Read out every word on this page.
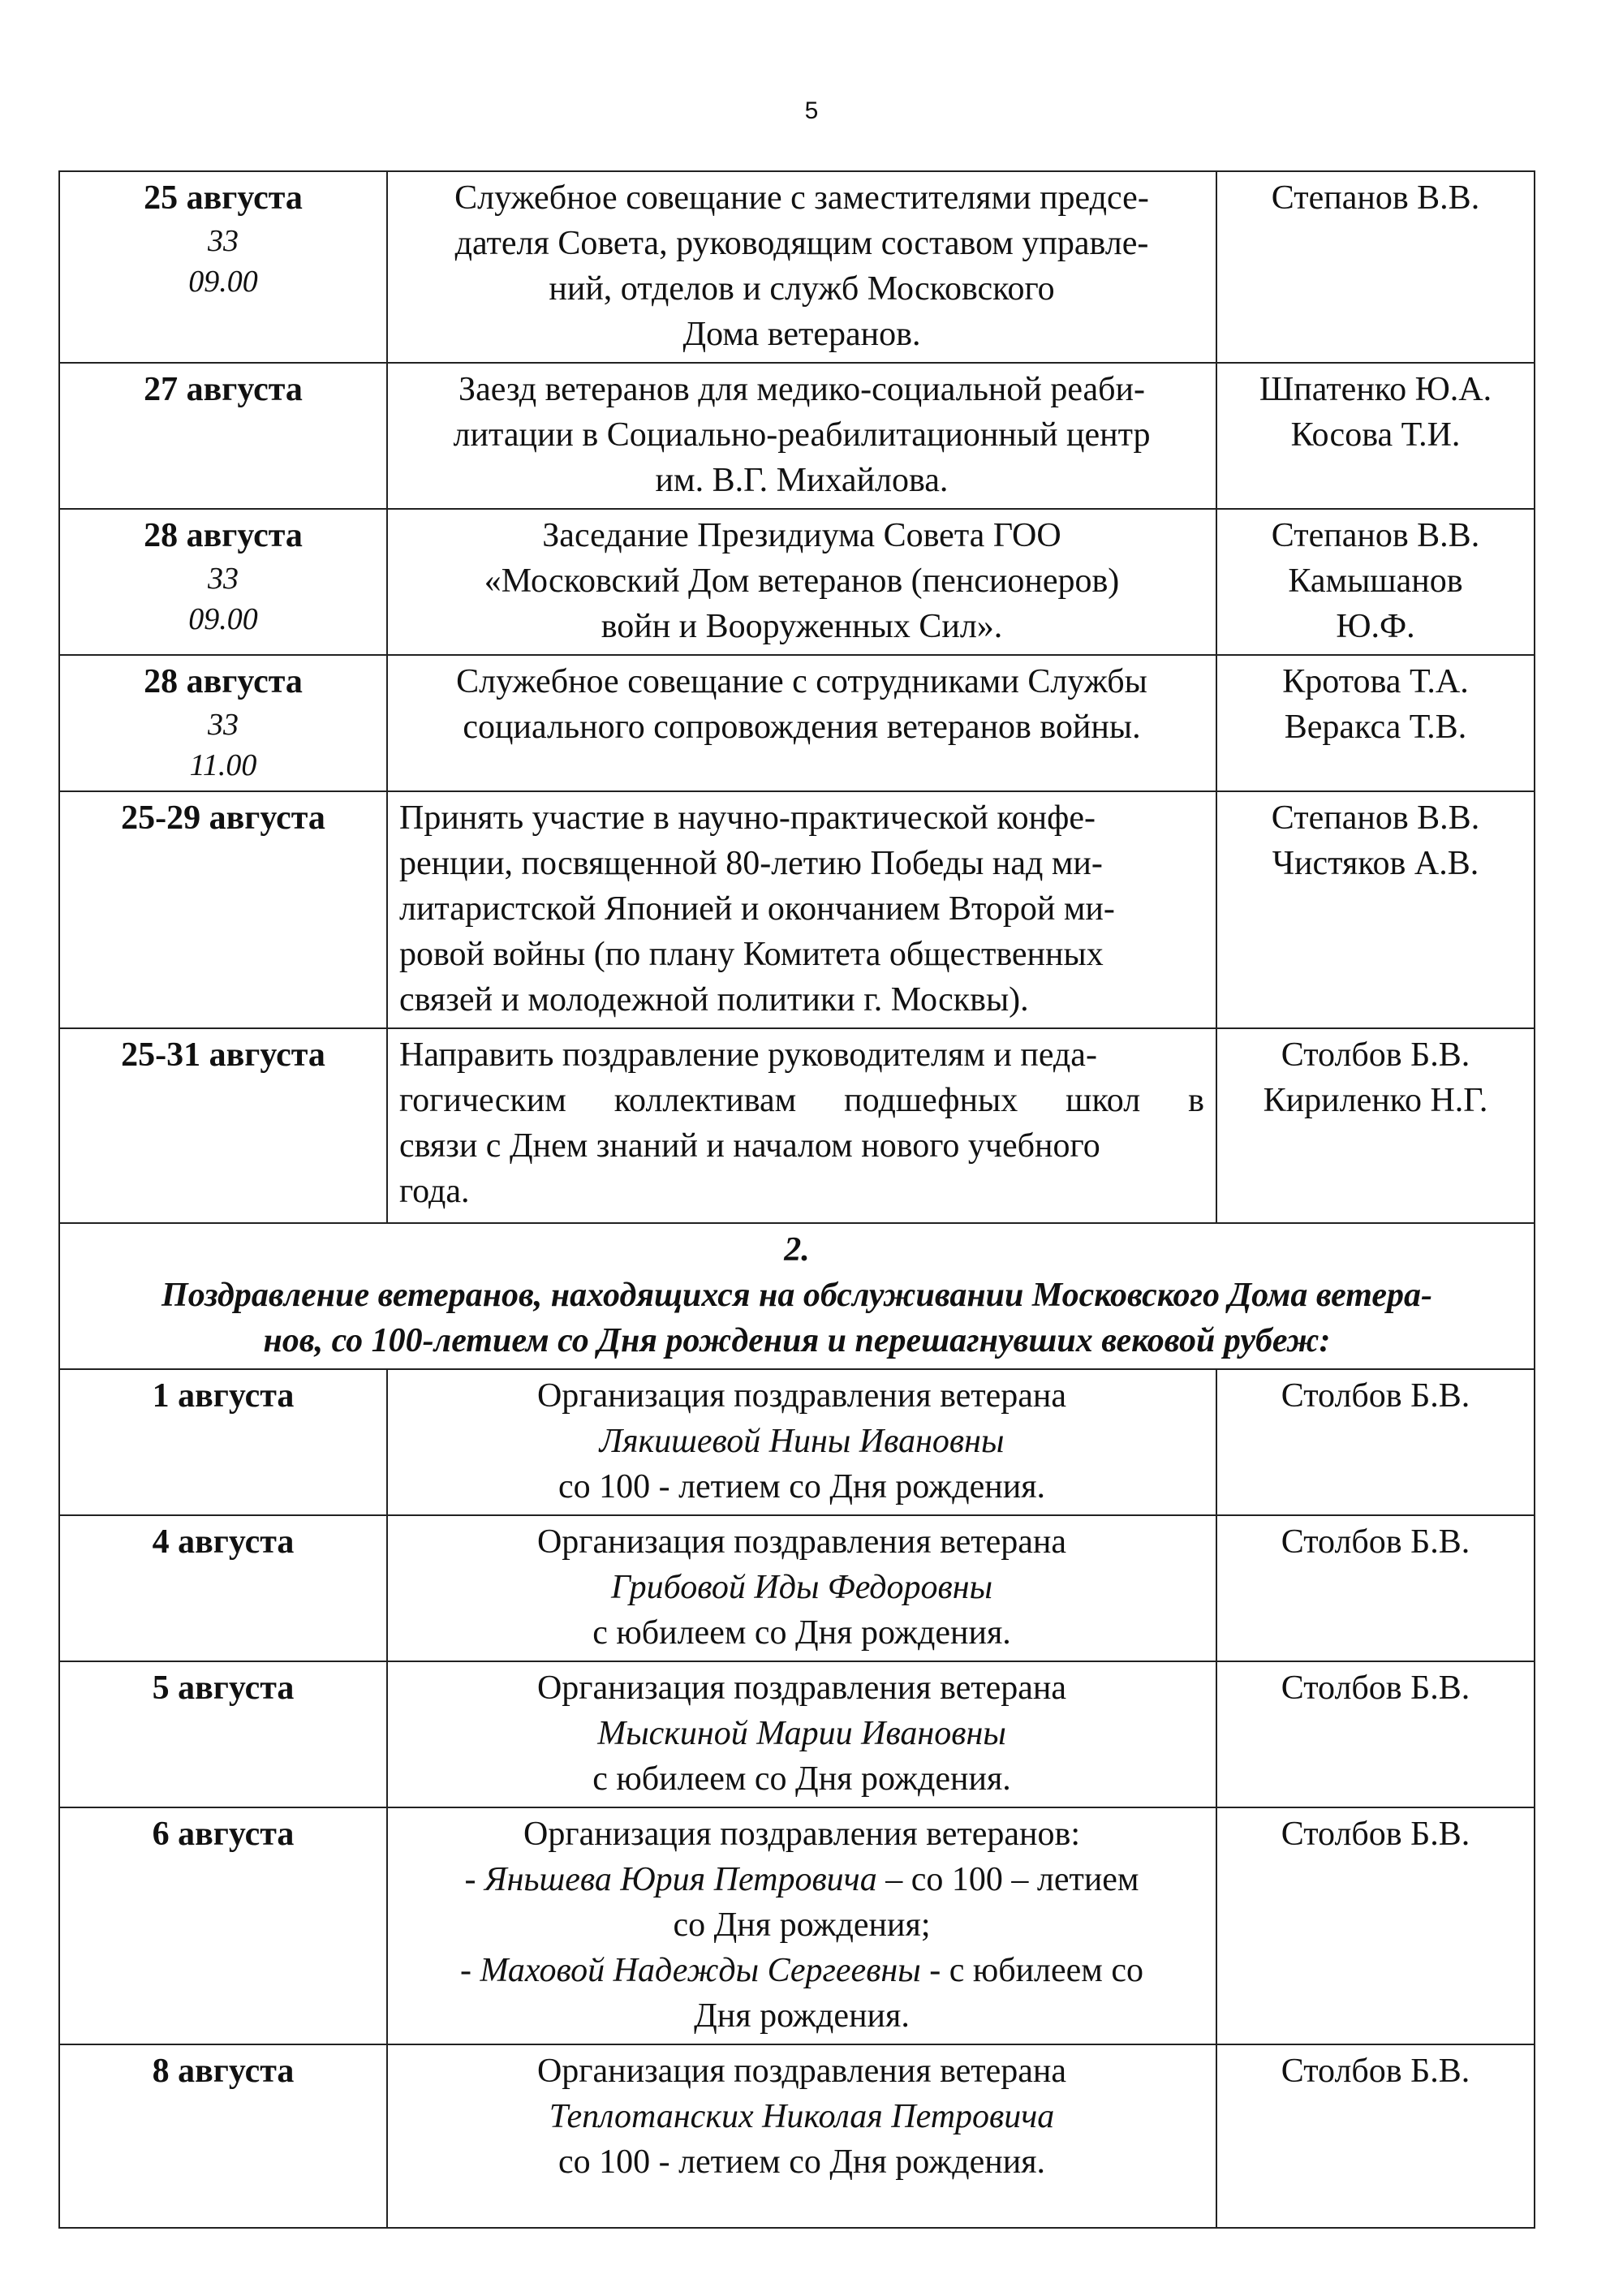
5
25 августа
33
09.00	Служебное совещание с заместителями предсе-
дателя Совета, руководящим составом управле-
ний, отделов и служб Московского
Дома ветеранов.	Степанов В.В.

27 августа	Заезд ветеранов для медико-социальной реаби-
литации в Социально-реабилитационный центр
им. В.Г. Михайлова.	Шпатенко Ю.А.
Косова Т.И.

28 августа
33
09.00	Заседание Президиума Совета ГОО
«Московский Дом ветеранов (пенсионеров)
войн и Вооруженных Сил».	Степанов В.В.
Камышанов
Ю.Ф.

28 августа
33
11.00	Служебное совещание с сотрудниками Службы
социального сопровождения ветеранов войны.	Кротова Т.А.
Веракса Т.В.

25-29 августа	Принять участие в научно-практической конфе-
ренции, посвященной 80-летию Победы над ми-
литаристской Японией и окончанием Второй ми-
ровой войны (по плану Комитета общественных
связей и молодежной политики г. Москвы).	Степанов В.В.
Чистяков А.В.

25-31 августа	Направить поздравление руководителям и педа-
гогическим коллективам подшефных школ в
связи с Днем знаний и началом нового учебного
года.	Столбов Б.В.
Кириленко Н.Г.

2.
Поздравление ветеранов, находящихся на обслуживании Московского Дома ветера-
нов, со 100-летием со Дня рождения и перешагнувших вековой рубеж:		

1 августа	Организация поздравления ветерана
Лякишевой Нины Ивановны
со 100 - летием со Дня рождения.	Столбов Б.В.

4 августа	Организация поздравления ветерана
Грибовой Иды Федоровны
с юбилеем со Дня рождения.	Столбов Б.В.

5 августа	Организация поздравления ветерана
Мыскиной Марии Ивановны
с юбилеем со Дня рождения.	Столбов Б.В.

6 августа	Организация поздравления ветеранов:
- Яньшева Юрия Петровича – со 100 – летием
со Дня рождения;
- Маховой Надежды Сергеевны - с юбилеем со
Дня рождения.	Столбов Б.В.

8 августа	Организация поздравления ветерана
Теплотанских Николая Петровича
со 100 - летием со Дня рождения.	Столбов Б.В.
